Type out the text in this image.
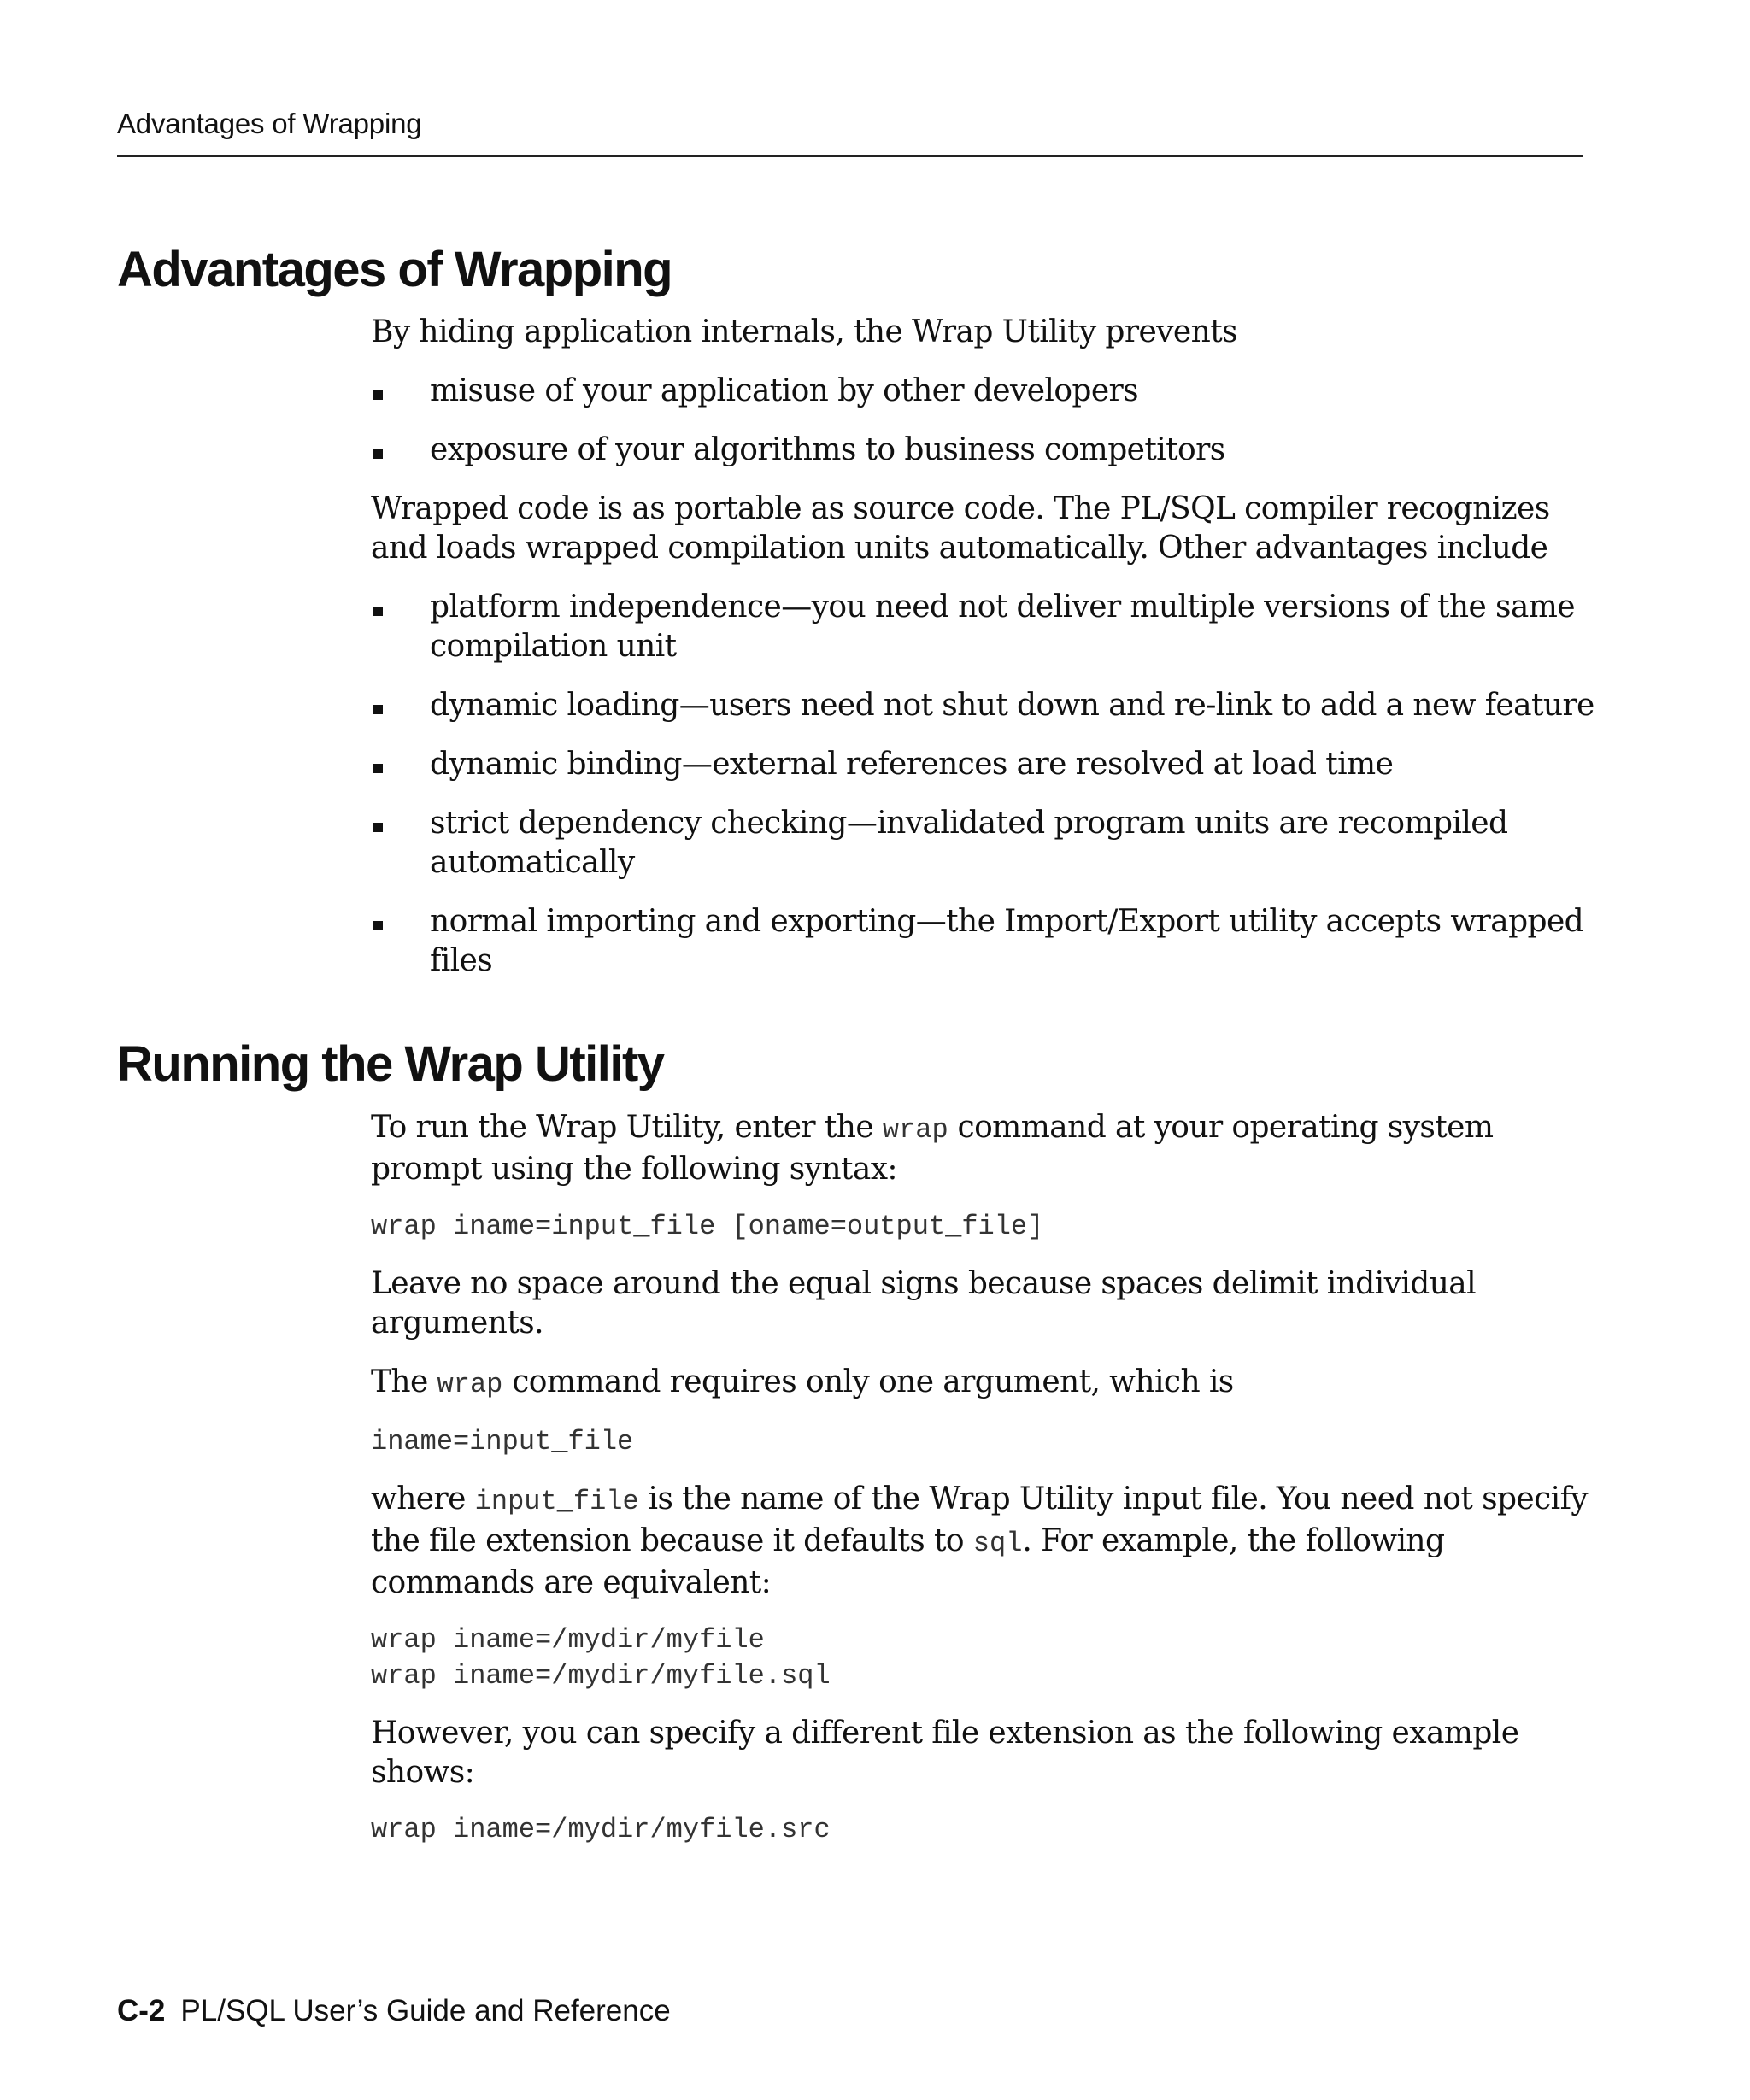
Advantages of Wrapping
Advantages of Wrapping

By hiding application internals, the Wrap Utility prevents

misuse of your application by other developers
exposure of your algorithms to business competitors

Wrapped code is as portable as source code. The PL/SQL compiler recognizes and loads wrapped compilation units automatically. Other advantages include

platform independence—you need not deliver multiple versions of the same compilation unit
dynamic loading—users need not shut down and re-link to add a new feature
dynamic binding—external references are resolved at load time
strict dependency checking—invalidated program units are recompiled automatically
normal importing and exporting—the Import/Export utility accepts wrapped files
Running the Wrap Utility

To run the Wrap Utility, enter the wrap command at your operating system prompt using the following syntax:

wrap iname=input_file [oname=output_file]

Leave no space around the equal signs because spaces delimit individual arguments.

The wrap command requires only one argument, which is

iname=input_file

where input_file is the name of the Wrap Utility input file. You need not specify the file extension because it defaults to sql. For example, the following commands are equivalent:

wrap iname=/mydir/myfile
wrap iname=/mydir/myfile.sql

However, you can specify a different file extension as the following example shows:

wrap iname=/mydir/myfile.src
C-2 PL/SQL User’s Guide and Reference
